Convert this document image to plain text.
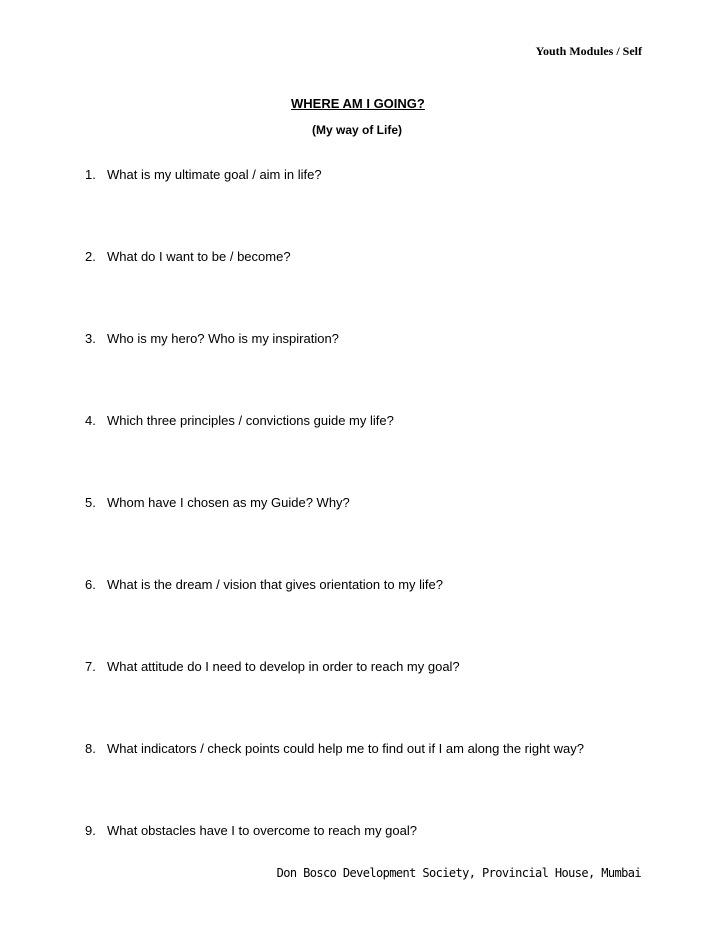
Youth Modules / Self
WHERE AM I GOING?
(My way of Life)
1. What is my ultimate goal / aim in life?
2. What do I want to be / become?
3. Who is my hero? Who is my inspiration?
4. Which three principles / convictions guide my life?
5. Whom have I chosen as my Guide? Why?
6. What is the dream / vision that gives orientation to my life?
7. What attitude do I need to develop in order to reach my goal?
8. What indicators / check points could help me to find out if I am along the right way?
9. What obstacles have I to overcome to reach my goal?
Don Bosco Development Society, Provincial House, Mumbai
